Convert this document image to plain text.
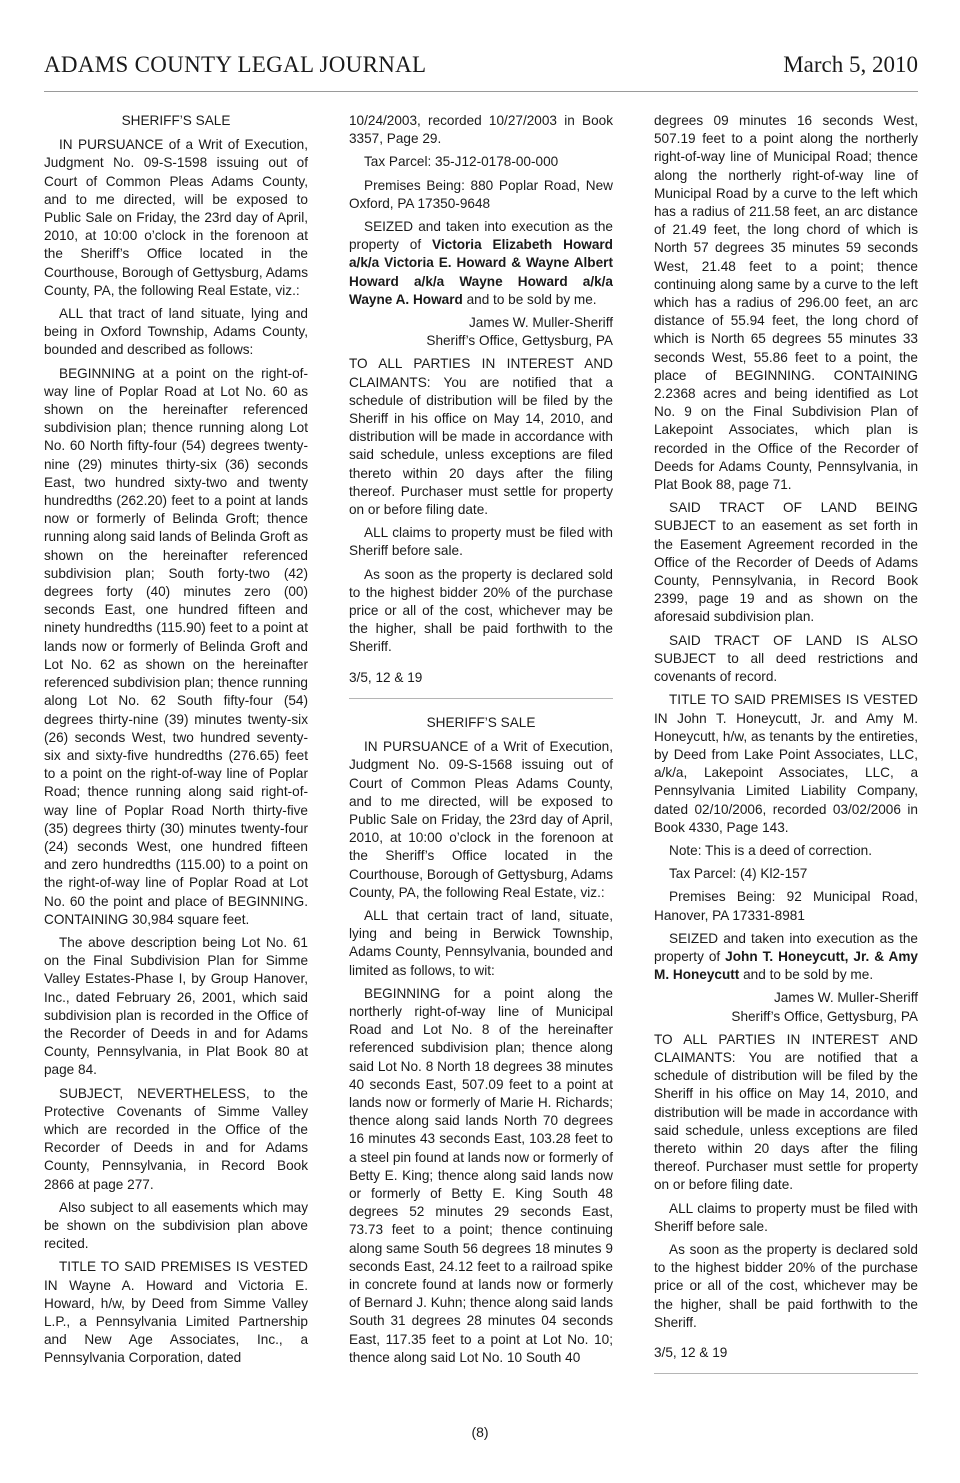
ADAMS COUNTY LEGAL JOURNAL	March 5, 2010

SHERIFF’S SALE

IN PURSUANCE of a Writ of Execution, Judgment No. 09-S-1598 issuing out of Court of Common Pleas Adams County, and to me directed, will be exposed to Public Sale on Friday, the 23rd day of April, 2010, at 10:00 o’clock in the forenoon at the Sheriff’s Office located in the Courthouse, Borough of Gettysburg, Adams County, PA, the following Real Estate, viz.:

ALL that tract of land situate, lying and being in Oxford Township, Adams County, bounded and described as follows:

BEGINNING at a point on the right-of-way line of Poplar Road at Lot No. 60 as shown on the hereinafter referenced subdivision plan; thence running along Lot No. 60 North fifty-four (54) degrees twenty-nine (29) minutes thirty-six (36) seconds East, two hundred sixty-two and twenty hundredths (262.20) feet to a point at lands now or formerly of Belinda Groft; thence running along said lands of Belinda Groft as shown on the hereinafter referenced subdivision plan; South forty-two (42) degrees forty (40) minutes zero (00) seconds East, one hundred fifteen and ninety hundredths (115.90) feet to a point at lands now or formerly of Belinda Groft and Lot No. 62 as shown on the hereinafter referenced subdivision plan; thence running along Lot No. 62 South fifty-four (54) degrees thirty-nine (39) minutes twenty-six (26) seconds West, two hundred seventy-six and sixty-five hundredths (276.65) feet to a point on the right-of-way line of Poplar Road; thence running along said right-of-way line of Poplar Road North thirty-five (35) degrees thirty (30) minutes twenty-four (24) seconds West, one hundred fifteen and zero hundredths (115.00) to a point on the right-of-way line of Poplar Road at Lot No. 60 the point and place of BEGINNING. CONTAINING 30,984 square feet.

The above description being Lot No. 61 on the Final Subdivision Plan for Simme Valley Estates-Phase I, by Group Hanover, Inc., dated February 26, 2001, which said subdivision plan is recorded in the Office of the Recorder of Deeds in and for Adams County, Pennsylvania, in Plat Book 80 at page 84.

SUBJECT, NEVERTHELESS, to the Protective Covenants of Simme Valley which are recorded in the Office of the Recorder of Deeds in and for Adams County, Pennsylvania, in Record Book 2866 at page 277.

Also subject to all easements which may be shown on the subdivision plan above recited.

TITLE TO SAID PREMISES IS VESTED IN Wayne A. Howard and Victoria E. Howard, h/w, by Deed from Simme Valley L.P., a Pennsylvania Limited Partnership and New Age Associates, Inc., a Pennsylvania Corporation, dated

10/24/2003, recorded 10/27/2003 in Book 3357, Page 29.

Tax Parcel: 35-J12-0178-00-000

Premises Being: 880 Poplar Road, New Oxford, PA 17350-9648

SEIZED and taken into execution as the property of Victoria Elizabeth Howard a/k/a Victoria E. Howard & Wayne Albert Howard a/k/a Wayne Howard a/k/a Wayne A. Howard and to be sold by me.

James W. Muller-Sheriff

Sheriff’s Office, Gettysburg, PA

TO ALL PARTIES IN INTEREST AND CLAIMANTS: You are notified that a schedule of distribution will be filed by the Sheriff in his office on May 14, 2010, and distribution will be made in accordance with said schedule, unless exceptions are filed thereto within 20 days after the filing thereof. Purchaser must settle for property on or before filing date.

ALL claims to property must be filed with Sheriff before sale.

As soon as the property is declared sold to the highest bidder 20% of the purchase price or all of the cost, whichever may be the higher, shall be paid forthwith to the Sheriff.

3/5, 12 & 19

SHERIFF’S SALE

IN PURSUANCE of a Writ of Execution, Judgment No. 09-S-1568 issuing out of Court of Common Pleas Adams County, and to me directed, will be exposed to Public Sale on Friday, the 23rd day of April, 2010, at 10:00 o’clock in the forenoon at the Sheriff’s Office located in the Courthouse, Borough of Gettysburg, Adams County, PA, the following Real Estate, viz.:

ALL that certain tract of land, situate, lying and being in Berwick Township, Adams County, Pennsylvania, bounded and limited as follows, to wit:

BEGINNING for a point along the northerly right-of-way line of Municipal Road and Lot No. 8 of the hereinafter referenced subdivision plan; thence along said Lot No. 8 North 18 degrees 38 minutes 40 seconds East, 507.09 feet to a point at lands now or formerly of Marie H. Richards; thence along said lands North 70 degrees 16 minutes 43 seconds East, 103.28 feet to a steel pin found at lands now or formerly of Betty E. King; thence along said lands now or formerly of Betty E. King South 48 degrees 52 minutes 29 seconds East, 73.73 feet to a point; thence continuing along same South 56 degrees 18 minutes 9 seconds East, 24.12 feet to a railroad spike in concrete found at lands now or formerly of Bernard J. Kuhn; thence along said lands South 31 degrees 28 minutes 04 seconds East, 117.35 feet to a point at Lot No. 10; thence along said Lot No. 10 South 40

degrees 09 minutes 16 seconds West, 507.19 feet to a point along the northerly right-of-way line of Municipal Road; thence along the northerly right-of-way line of Municipal Road by a curve to the left which has a radius of 211.58 feet, an arc distance of 21.49 feet, the long chord of which is North 57 degrees 35 minutes 59 seconds West, 21.48 feet to a point; thence continuing along same by a curve to the left which has a radius of 296.00 feet, an arc distance of 55.94 feet, the long chord of which is North 65 degrees 55 minutes 33 seconds West, 55.86 feet to a point, the place of BEGINNING. CONTAINING 2.2368 acres and being identified as Lot No. 9 on the Final Subdivision Plan of Lakepoint Associates, which plan is recorded in the Office of the Recorder of Deeds for Adams County, Pennsylvania, in Plat Book 88, page 71.

SAID TRACT OF LAND BEING SUBJECT to an easement as set forth in the Easement Agreement recorded in the Office of the Recorder of Deeds of Adams County, Pennsylvania, in Record Book 2399, page 19 and as shown on the aforesaid subdivision plan.

SAID TRACT OF LAND IS ALSO SUBJECT to all deed restrictions and covenants of record.

TITLE TO SAID PREMISES IS VESTED IN John T. Honeycutt, Jr. and Amy M. Honeycutt, h/w, as tenants by the entireties, by Deed from Lake Point Associates, LLC, a/k/a, Lakepoint Associates, LLC, a Pennsylvania Limited Liability Company, dated 02/10/2006, recorded 03/02/2006 in Book 4330, Page 143.

Note: This is a deed of correction.

Tax Parcel: (4) Kl2-157

Premises Being: 92 Municipal Road, Hanover, PA 17331-8981

SEIZED and taken into execution as the property of John T. Honeycutt, Jr. & Amy M. Honeycutt and to be sold by me.

James W. Muller-Sheriff

Sheriff’s Office, Gettysburg, PA

TO ALL PARTIES IN INTEREST AND CLAIMANTS: You are notified that a schedule of distribution will be filed by the Sheriff in his office on May 14, 2010, and distribution will be made in accordance with said schedule, unless exceptions are filed thereto within 20 days after the filing thereof. Purchaser must settle for property on or before filing date.

ALL claims to property must be filed with Sheriff before sale.

As soon as the property is declared sold to the highest bidder 20% of the purchase price or all of the cost, whichever may be the higher, shall be paid forthwith to the Sheriff.

3/5, 12 & 19

(8)
